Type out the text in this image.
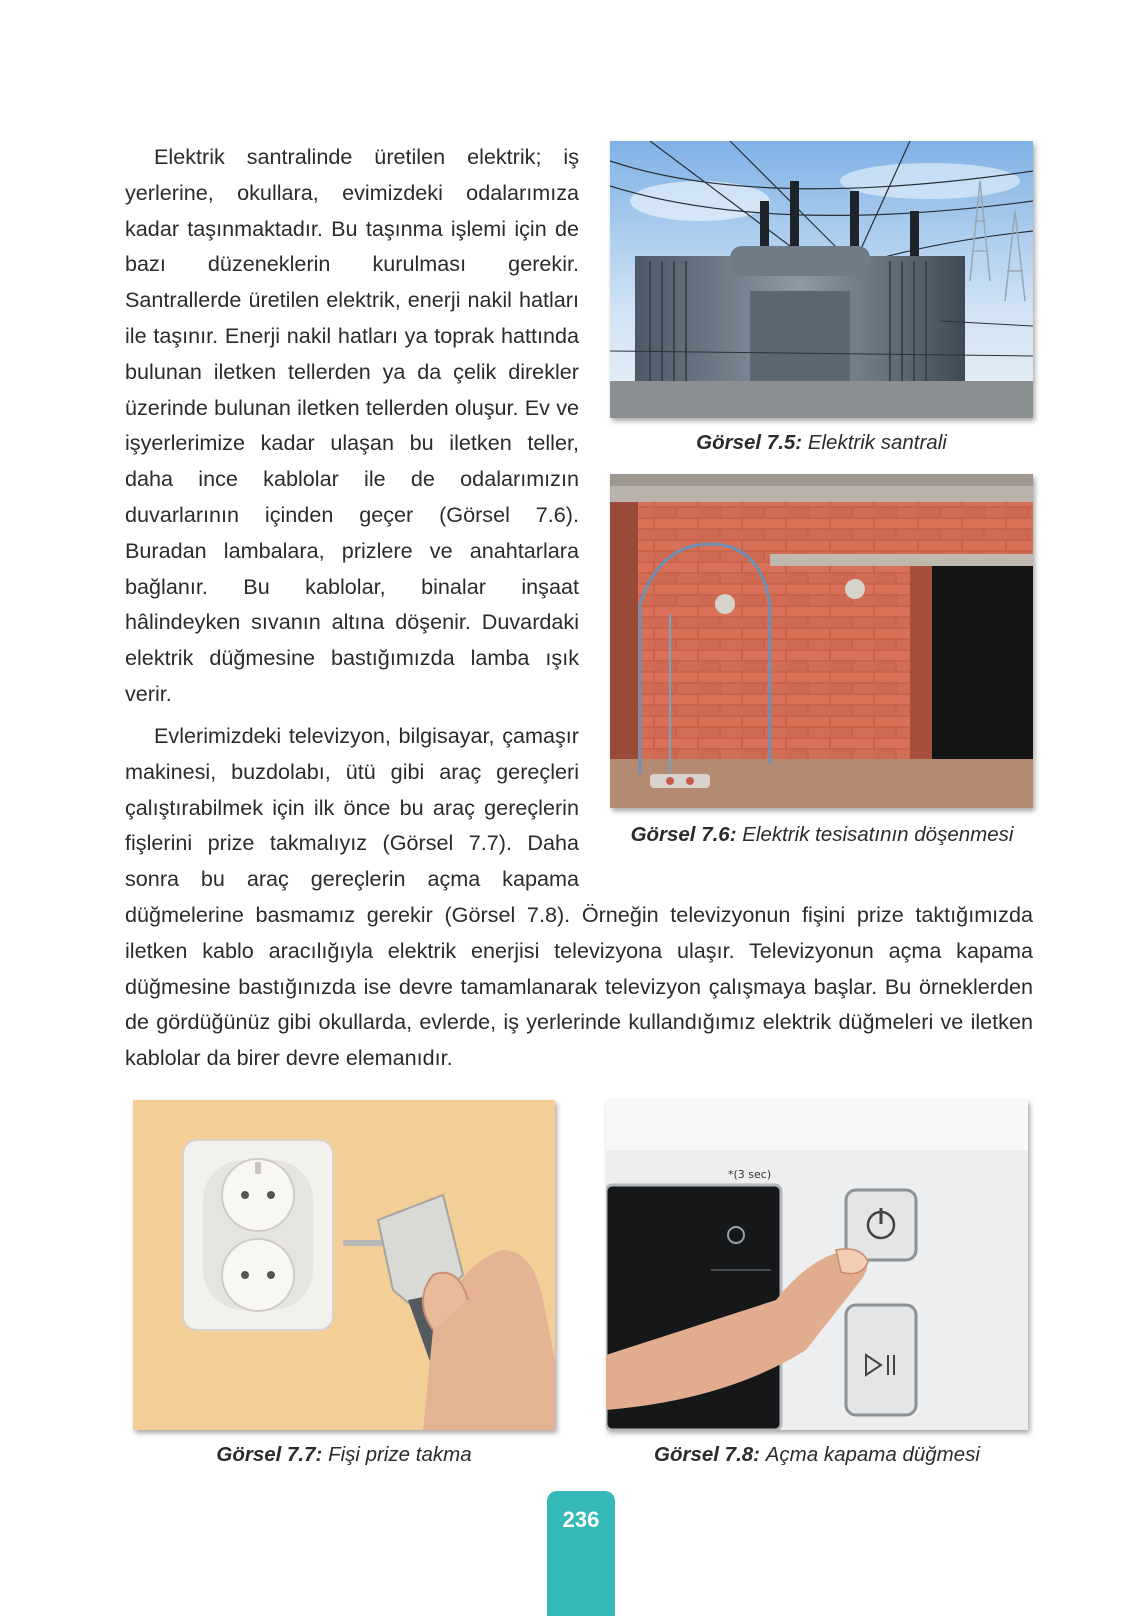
Elektrik santralinde üretilen elektrik; iş yerlerine, okullara, evimizdeki odalarımıza kadar taşınmaktadır. Bu taşınma işlemi için de bazı düzeneklerin kurulması gerekir. Santrallerde üretilen elektrik, enerji nakil hatları ile taşınır. Enerji nakil hatları ya toprak hattında bulunan iletken tellerden ya da çelik direkler üzerinde bulunan iletken tellerden oluşur. Ev ve işyerlerimize kadar ulaşan bu iletken teller, daha ince kablolar ile de odalarımızın duvarlarının içinden geçer (Görsel 7.6). Buradan lambalara, prizlere ve anahtarlara bağlanır. Bu kablolar, binalar inşaat hâlindeyken sıvanın altına döşenir. Duvardaki elektrik düğmesine bastığımızda lamba ışık verir.

Evlerimizdeki televizyon, bilgisayar, çamaşır makinesi, buzdolabı, ütü gibi araç gereçleri çalıştırabilmek için ilk önce bu araç gereçlerin fişlerini prize takmalıyız (Görsel 7.7). Daha sonra bu araç gereçlerin açma kapama düğmelerine basmamız gerekir (Görsel 7.8). Örneğin televizyonun fişini prize taktığımızda iletken kablo aracılığıyla elektrik enerjisi televizyona ulaşır. Televizyonun açma kapama düğmesine bastığınızda ise devre tamamlanarak televizyon çalışmaya başlar. Bu örneklerden de gördüğünüz gibi okullarda, evlerde, iş yerlerinde kullandığımız elektrik düğmeleri ve iletken kablolar da birer devre elemanıdır.

Görsel 7.5: Elektrik santrali
Görsel 7.6: Elektrik tesisatının döşenmesi
Görsel 7.7: Fişi prize takma
*(3 sec)
Görsel 7.8: Açma kapama düğmesi
236
